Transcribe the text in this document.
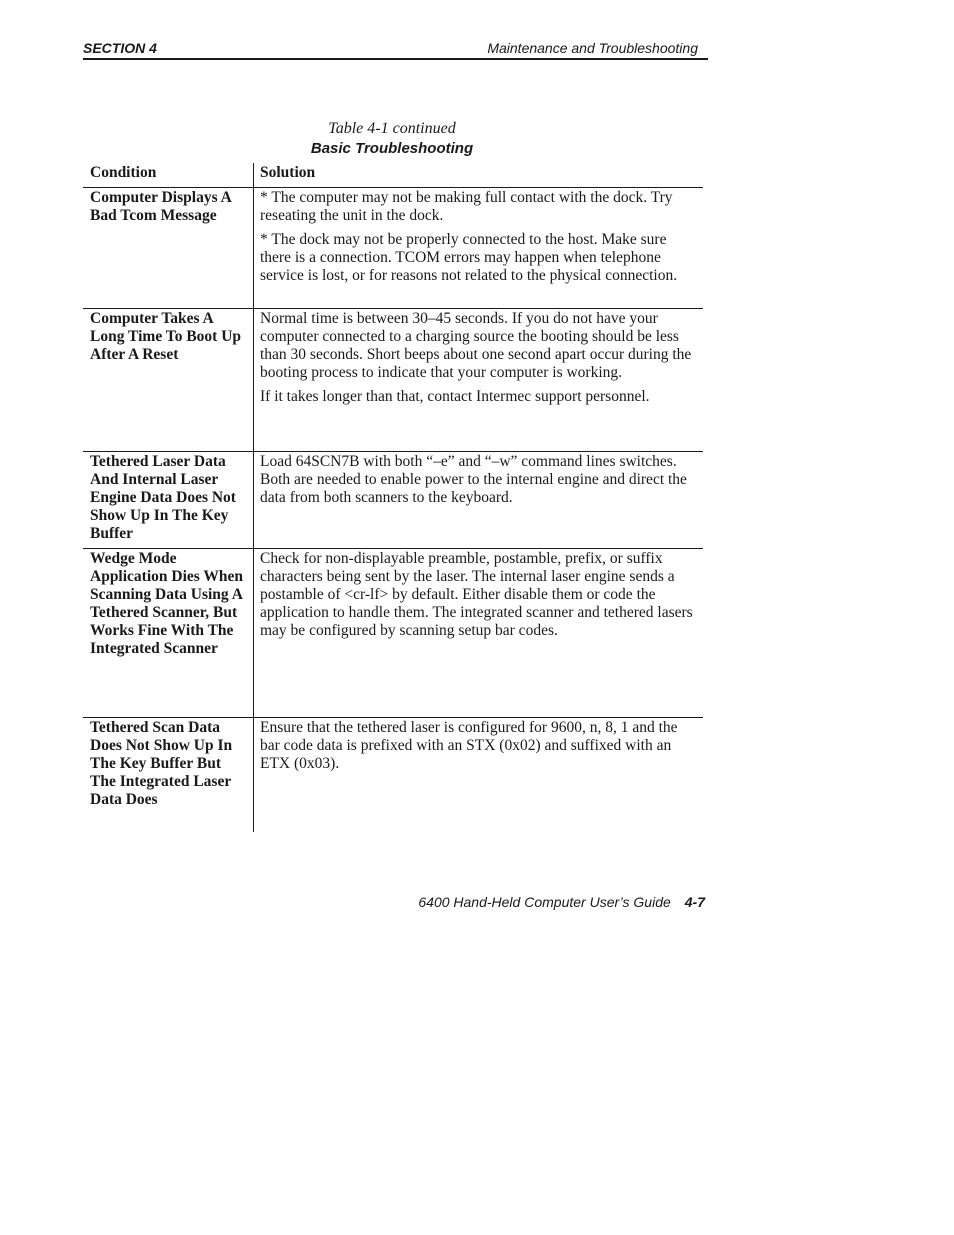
SECTION 4	Maintenance and Troubleshooting
Table 4-1 continued
Basic Troubleshooting
Condition	Solution
Computer Displays A Bad Tcom Message

* The computer may not be making full contact with the dock. Try reseating the unit in the dock.

* The dock may not be properly connected to the host. Make sure there is a connection. TCOM errors may happen when telephone service is lost, or for reasons not related to the physical connection.

Computer Takes A Long Time To Boot Up After A Reset

Normal time is between 30–45 seconds. If you do not have your computer connected to a charging source the booting should be less than 30 seconds. Short beeps about one second apart occur during the booting process to indicate that your computer is working.

If it takes longer than that, contact Intermec support personnel.

Tethered Laser Data And Internal Laser Engine Data Does Not Show Up In The Key Buffer

Load 64SCN7B with both “–e” and “–w” command lines switches. Both are needed to enable power to the internal engine and direct the data from both scanners to the keyboard.

Wedge Mode Application Dies When Scanning Data Using A Tethered Scanner, But Works Fine With The Integrated Scanner

Check for non-displayable preamble, postamble, prefix, or suffix characters being sent by the laser. The internal laser engine sends a postamble of <cr-lf> by default. Either disable them or code the application to handle them. The integrated scanner and tethered lasers may be configured by scanning setup bar codes.

Tethered Scan Data Does Not Show Up In The Key Buffer But The Integrated Laser Data Does

Ensure that the tethered laser is configured for 9600, n, 8, 1 and the bar code data is prefixed with an STX (0x02) and suffixed with an ETX (0x03).

6400 Hand-Held Computer User’s Guide 4-7
